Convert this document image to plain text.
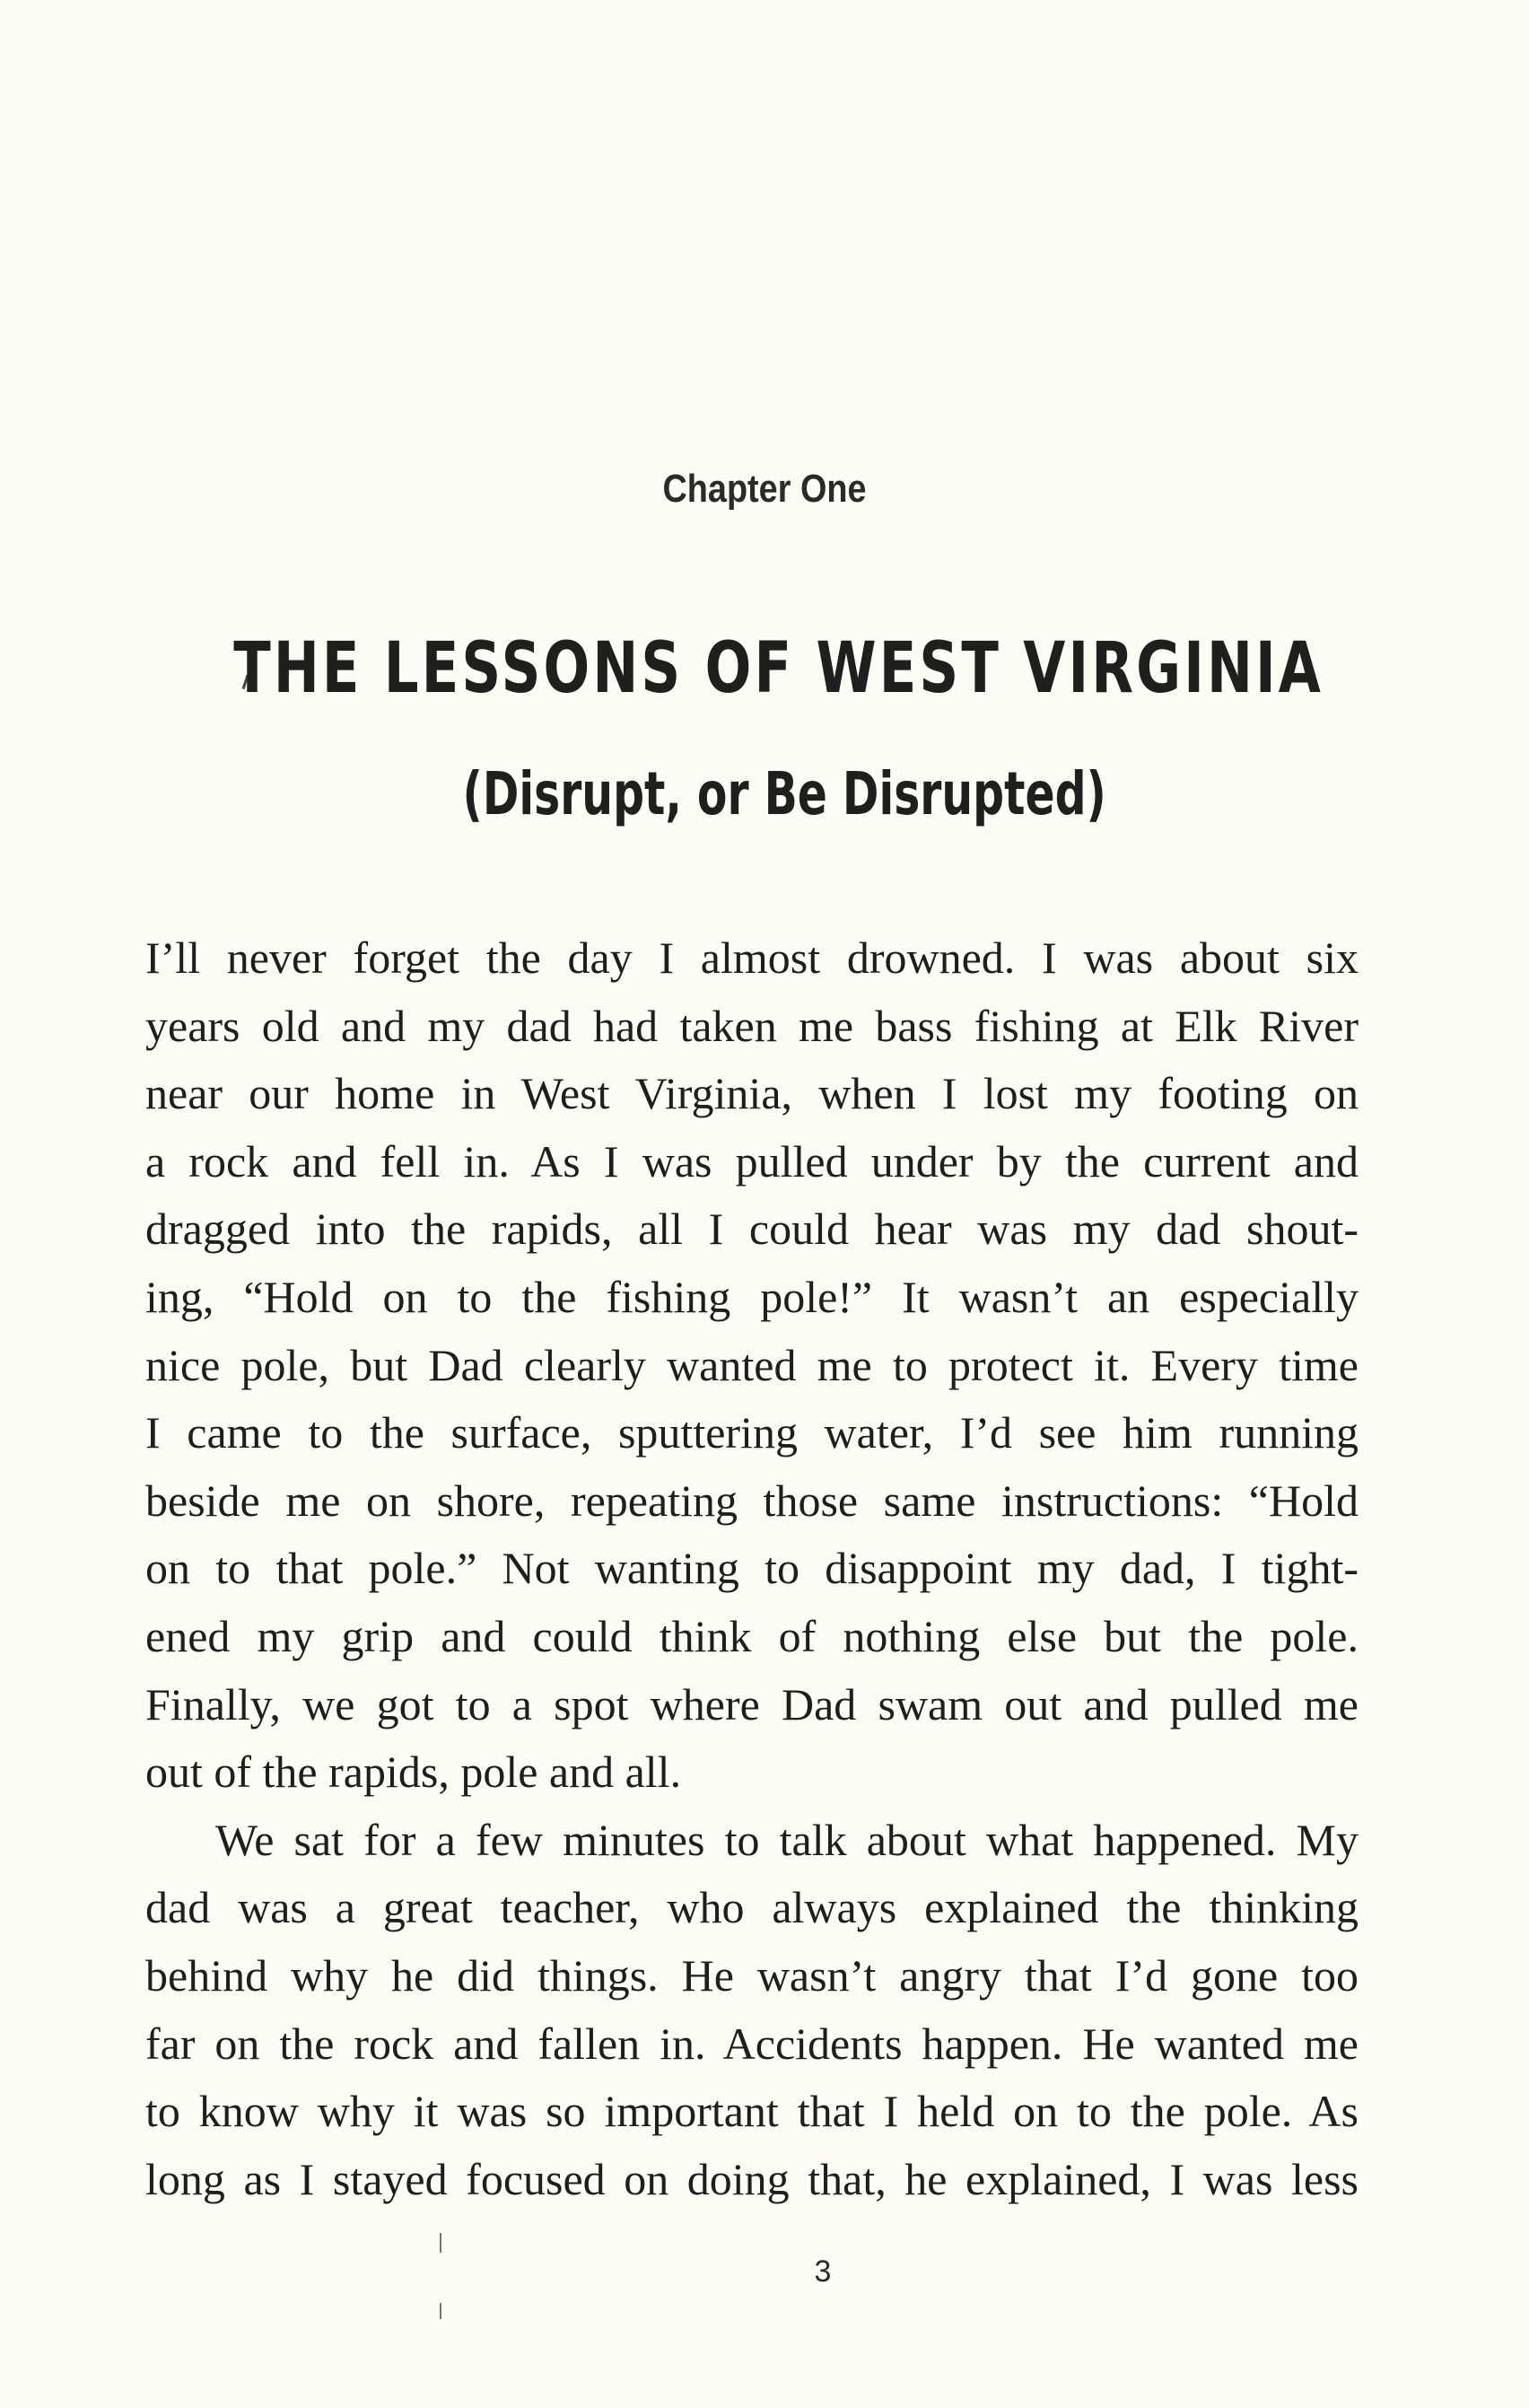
Chapter One
THE LESSONS OF WEST VIRGINIA
(Disrupt, or Be Disrupted)

I’ll never forget the day I almost drowned. I was about six
years old and my dad had taken me bass fishing at Elk River
near our home in West Virginia, when I lost my footing on
a rock and fell in. As I was pulled under by the current and
dragged into the rapids, all I could hear was my dad shout-
ing, “Hold on to the fishing pole!” It wasn’t an especially
nice pole, but Dad clearly wanted me to protect it. Every time
I came to the surface, sputtering water, I’d see him running
beside me on shore, repeating those same instructions: “Hold
on to that pole.” Not wanting to disappoint my dad, I tight-
ened my grip and could think of nothing else but the pole.
Finally, we got to a spot where Dad swam out and pulled me
out of the rapids, pole and all.

We sat for a few minutes to talk about what happened. My
dad was a great teacher, who always explained the thinking
behind why he did things. He wasn’t angry that I’d gone too
far on the rock and fallen in. Accidents happen. He wanted me
to know why it was so important that I held on to the pole. As
long as I stayed focused on doing that, he explained, I was less

3
